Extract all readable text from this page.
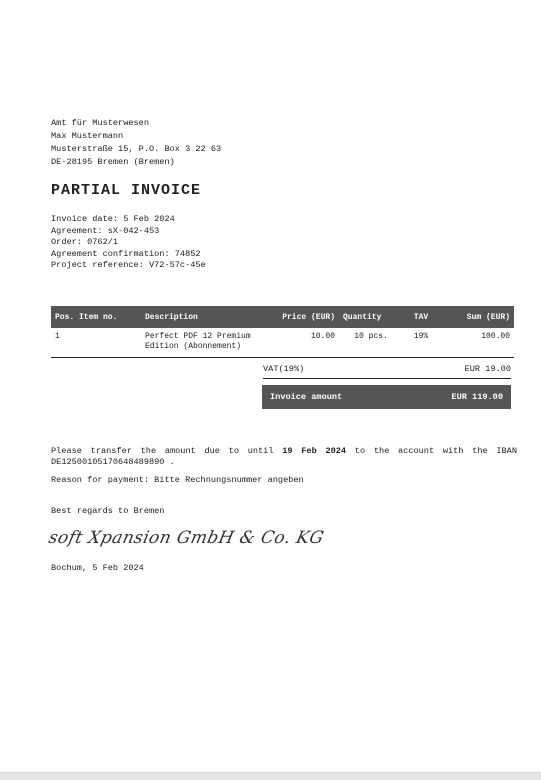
Amt für Musterwesen
Max Mustermann
Musterstraße 15, P.O. Box 3 22 63
DE-28195 Bremen (Bremen)
PARTIAL INVOICE
Invoice date: 5 Feb 2024
Agreement: sX-042-453
Order: 0762/1
Agreement confirmation: 74852
Project reference: V72-57c-45e
Pos. Item no.	Description	Price (EUR)	Quantity	TAV	Sum (EUR)
1	Perfect PDF 12 Premium Edition (Abonnement)	10.00	10 pcs.	19%	100.00
VAT(19%)	EUR 19.00
Invoice amount	EUR 119.00
Please transfer the amount due to until 19 Feb 2024 to the account with the IBAN DE12500105170648489890 .
Reason for payment: Bitte Rechnungsnummer angeben
Best regards to Bremen
soft Xpansion GmbH & Co. KG
Bochum, 5 Feb 2024
